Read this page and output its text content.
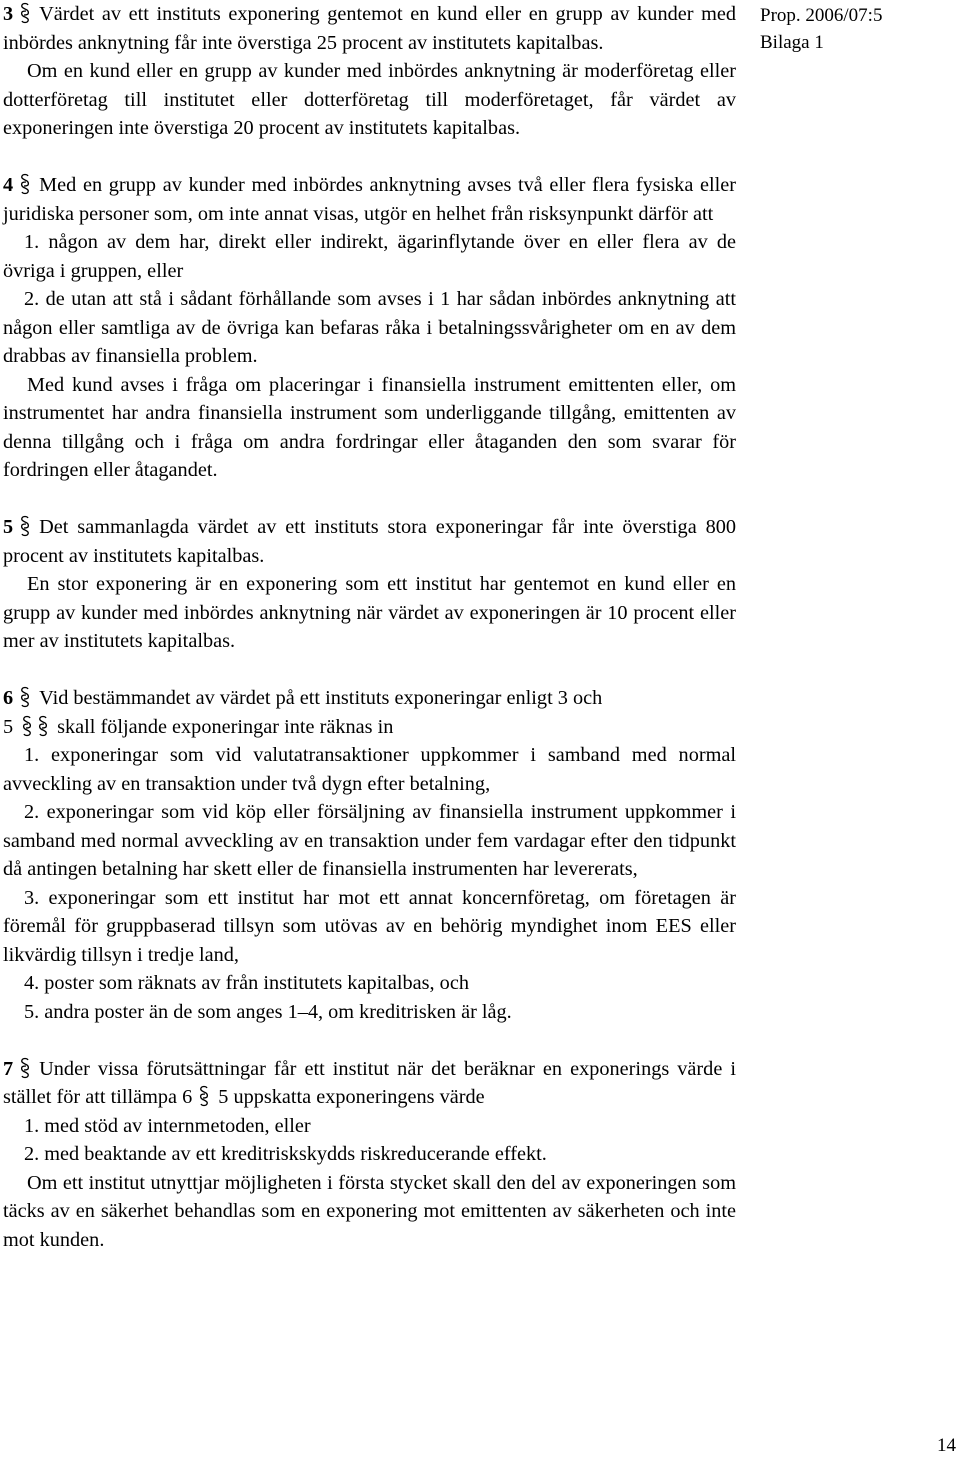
Prop. 2006/07:5
Bilaga 1

3 Värdet av ett instituts exponering gentemot en kund eller en grupp av kunder med inbördes anknytning får inte överstiga 25 procent av institutets kapitalbas.

Om en kund eller en grupp av kunder med inbördes anknytning är moderföretag eller dotterföretag till institutet eller dotterföretag till moderföretaget, får värdet av exponeringen inte överstiga 20 procent av institutets kapitalbas.

4 Med en grupp av kunder med inbördes anknytning avses två eller flera fysiska eller juridiska personer som, om inte annat visas, utgör en helhet från risksynpunkt därför att

1. någon av dem har, direkt eller indirekt, ägarinflytande över en eller flera av de övriga i gruppen, eller

2. de utan att stå i sådant förhållande som avses i 1 har sådan inbördes anknytning att någon eller samtliga av de övriga kan befaras råka i betalningssvårigheter om en av dem drabbas av finansiella problem.

Med kund avses i fråga om placeringar i finansiella instrument emittenten eller, om instrumentet har andra finansiella instrument som underliggande tillgång, emittenten av denna tillgång och i fråga om andra fordringar eller åtaganden den som svarar för fordringen eller åtagandet.

5 Det sammanlagda värdet av ett instituts stora exponeringar får inte överstiga 800 procent av institutets kapitalbas.

En stor exponering är en exponering som ett institut har gentemot en kund eller en grupp av kunder med inbördes anknytning när värdet av exponeringen är 10 procent eller mer av institutets kapitalbas.

6 Vid bestämmandet av värdet på ett instituts exponeringar enligt 3 och
5 skall följande exponeringar inte räknas in

1. exponeringar som vid valutatransaktioner uppkommer i samband med normal avveckling av en transaktion under två dygn efter betalning,

2. exponeringar som vid köp eller försäljning av finansiella instrument uppkommer i samband med normal avveckling av en transaktion under fem vardagar efter den tidpunkt då antingen betalning har skett eller de finansiella instrumenten har levererats,

3. exponeringar som ett institut har mot ett annat koncernföretag, om företagen är föremål för gruppbaserad tillsyn som utövas av en behörig myndighet inom EES eller likvärdig tillsyn i tredje land,

4. poster som räknats av från institutets kapitalbas, och

5. andra poster än de som anges 1–4, om kreditrisken är låg.

7 Under vissa förutsättningar får ett institut när det beräknar en exponerings värde i stället för att tillämpa 6 5 uppskatta exponeringens värde

1. med stöd av internmetoden, eller

2. med beaktande av ett kreditriskskydds riskreducerande effekt.

Om ett institut utnyttjar möjligheten i första stycket skall den del av exponeringen som täcks av en säkerhet behandlas som en exponering mot emittenten av säkerheten och inte mot kunden.

14
